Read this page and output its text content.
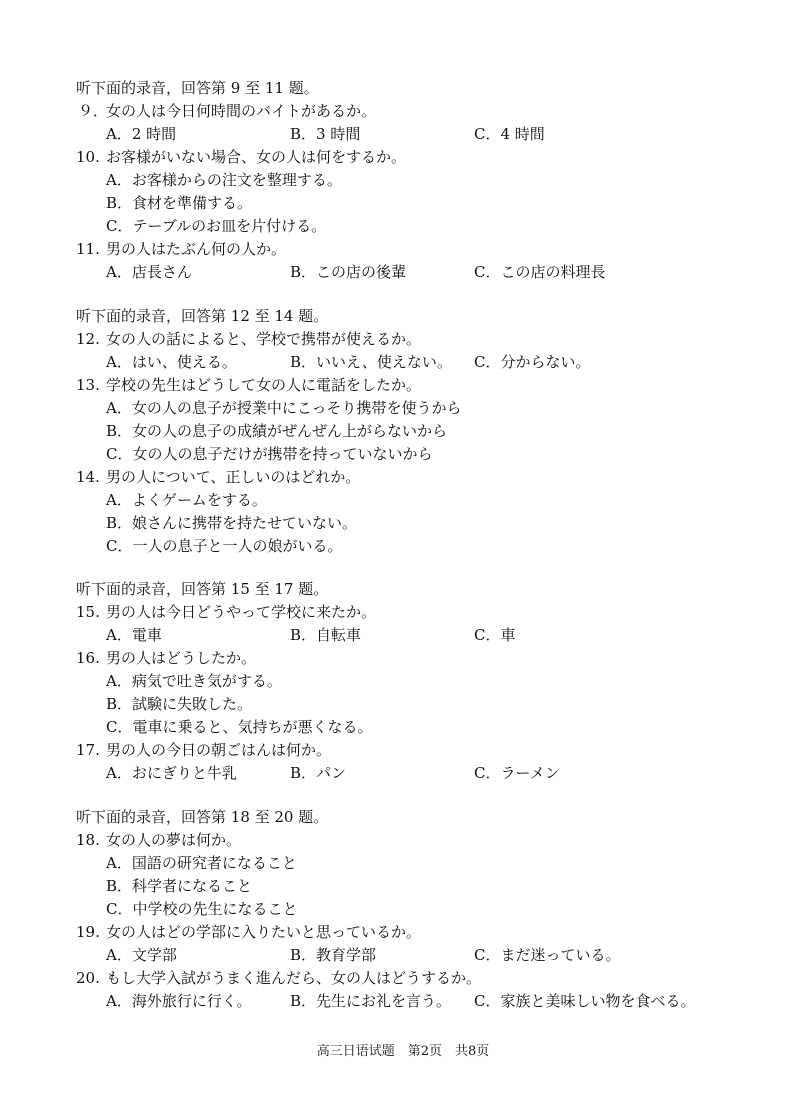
听下面的录音，回答第 9 至 11 题。
９．女の人は今日何時間のバイトがあるか。
A．2 時間	B．3 時間	C．4 時間
10. お客様がいない場合、女の人は何をするか。
A．お客様からの注文を整理する。
B．食材を準備する。
C．テーブルのお皿を片付ける。
11. 男の人はたぶん何の人か。
A．店長さん	B．この店の後輩	C．この店の料理長
听下面的录音，回答第 12 至 14 题。
12. 女の人の話によると、学校で携帯が使えるか。
A．はい、使える。	B．いいえ、使えない。 C．分からない。
13. 学校の先生はどうして女の人に電話をしたか。
A．女の人の息子が授業中にこっそり携帯を使うから
B．女の人の息子の成績がぜんぜん上がらないから
C．女の人の息子だけが携帯を持っていないから
14. 男の人について、正しいのはどれか。
A．よくゲームをする。
B．娘さんに携帯を持たせていない。
C．一人の息子と一人の娘がいる。
听下面的录音，回答第 15 至 17 题。
15. 男の人は今日どうやって学校に来たか。
A．電車	B．自転車	C．車
16. 男の人はどうしたか。
A．病気で吐き気がする。
B．試験に失敗した。
C．電車に乗ると、気持ちが悪くなる。
17. 男の人の今日の朝ごはんは何か。
A．おにぎりと牛乳	B．パン	C．ラーメン
听下面的录音，回答第 18 至 20 题。
18. 女の人の夢は何か。
A．国語の研究者になること
B．科学者になること
C．中学校の先生になること
19. 女の人はどの学部に入りたいと思っているか。
A．文学部	B．教育学部	C．まだ迷っている。
20. もし大学入試がうまく進んだら、女の人はどうするか。
A．海外旅行に行く。	B．先生にお礼を言う。 C．家族と美味しい物を食べる。
高三日语试题　第2页　共8页
